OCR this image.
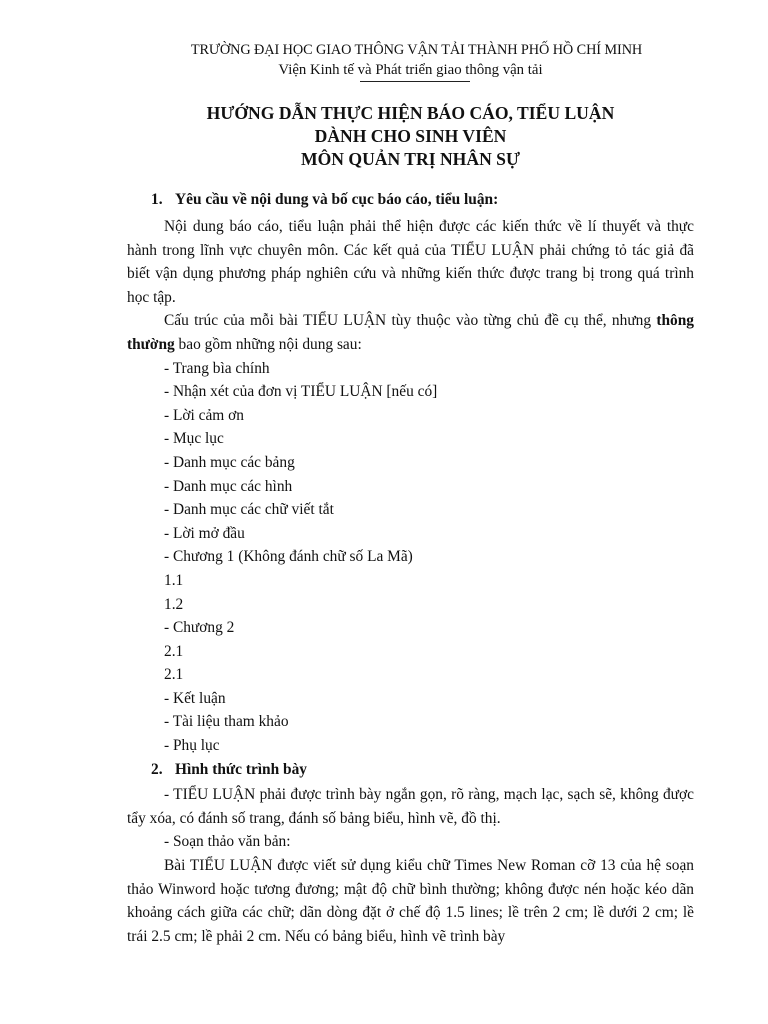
TRƯỜNG ĐẠI HỌC GIAO THÔNG VẬN TẢI THÀNH PHỐ HỒ CHÍ MINH
Viện Kinh tế và Phát triển giao thông vận tải
HƯỚNG DẪN THỰC HIỆN BÁO CÁO, TIỂU LUẬN
DÀNH CHO SINH VIÊN
MÔN QUẢN TRỊ NHÂN SỰ
1. Yêu cầu về nội dung và bố cục báo cáo, tiểu luận:
Nội dung báo cáo, tiểu luận phải thể hiện được các kiến thức về lí thuyết và thực hành trong lĩnh vực chuyên môn. Các kết quả của TIỂU LUẬN phải chứng tỏ tác giả đã biết vận dụng phương pháp nghiên cứu và những kiến thức được trang bị trong quá trình học tập.
Cấu trúc của mỗi bài TIỂU LUẬN tùy thuộc vào từng chủ đề cụ thể, nhưng thông thường bao gồm những nội dung sau:
- Trang bìa chính
- Nhận xét của đơn vị TIỂU LUẬN [nếu có]
- Lời cảm ơn
- Mục lục
- Danh mục các bảng
- Danh mục các hình
- Danh mục các chữ viết tắt
- Lời mở đầu
- Chương 1 (Không đánh chữ số La Mã)
1.1
1.2
- Chương 2
2.1
2.1
- Kết luận
- Tài liệu tham khảo
- Phụ lục
2. Hình thức trình bày
- TIỂU LUẬN phải được trình bày ngắn gọn, rõ ràng, mạch lạc, sạch sẽ, không được tẩy xóa, có đánh số trang, đánh số bảng biểu, hình vẽ, đồ thị.
- Soạn thảo văn bản:
Bài TIỂU LUẬN được viết sử dụng kiểu chữ Times New Roman cỡ 13 của hệ soạn thảo Winword hoặc tương đương; mật độ chữ bình thường; không được nén hoặc kéo dãn khoảng cách giữa các chữ; dãn dòng đặt ở chế độ 1.5 lines; lề trên 2 cm; lề dưới 2 cm; lề trái 2.5 cm; lề phải 2 cm. Nếu có bảng biểu, hình vẽ trình bày
